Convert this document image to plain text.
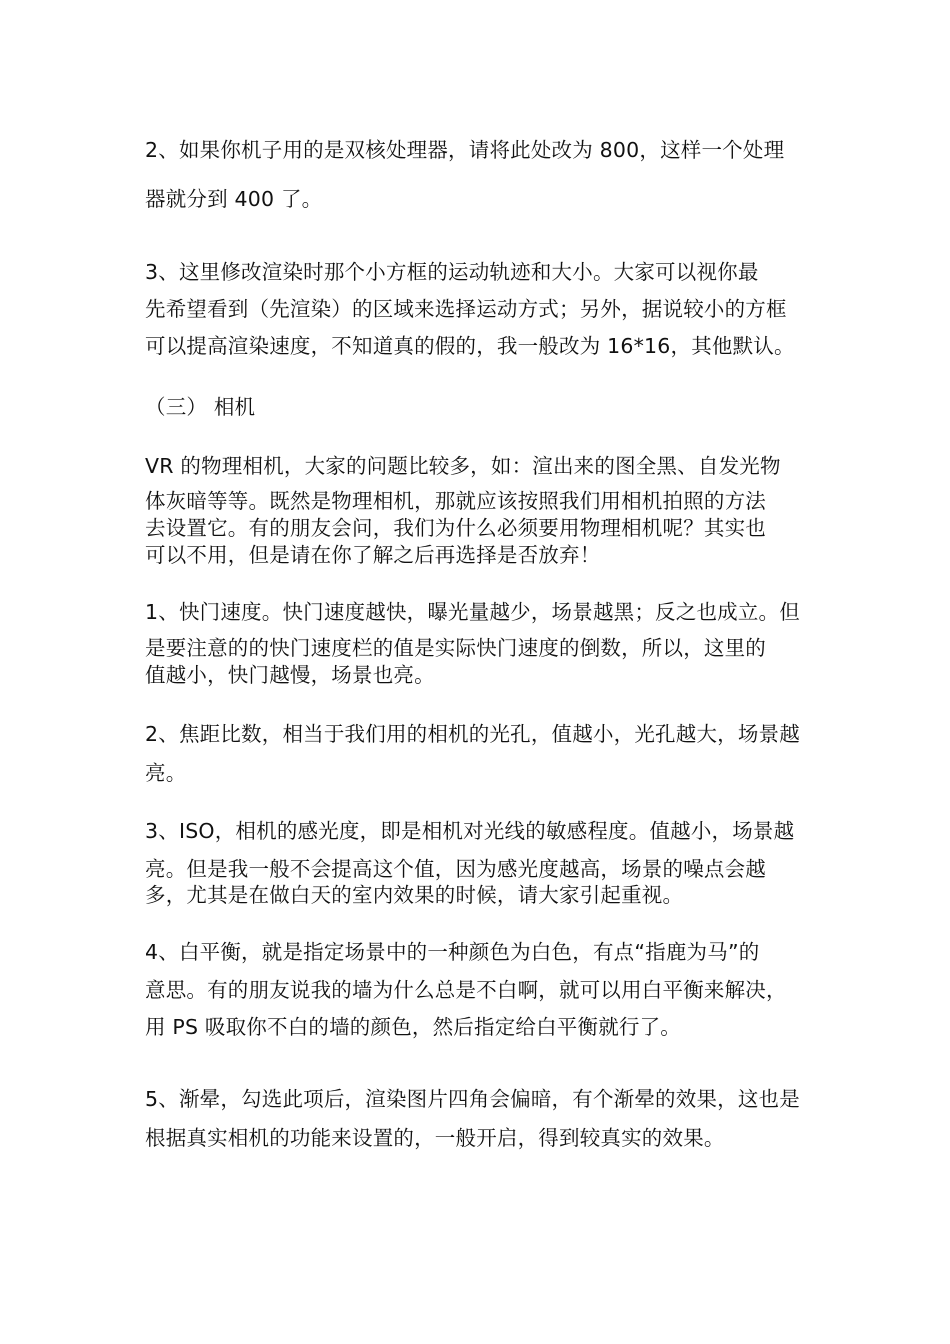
2、如果你机子用的是双核处理器，请将此处改为 800，这样一个处理
器就分到 400 了。
3、这里修改渲染时那个小方框的运动轨迹和大小。大家可以视你最
先希望看到（先渲染）的区域来选择运动方式；另外，据说较小的方框
可以提高渲染速度，不知道真的假的，我一般改为 16*16，其他默认。
（三） 相机
VR 的物理相机，大家的问题比较多，如：渲出来的图全黑、自发光物
体灰暗等等。既然是物理相机，那就应该按照我们用相机拍照的方法
去设置它。有的朋友会问，我们为什么必须要用物理相机呢？其实也
可以不用，但是请在你了解之后再选择是否放弃！
1、快门速度。快门速度越快，曝光量越少，场景越黑；反之也成立。但
是要注意的的快门速度栏的值是实际快门速度的倒数，所以，这里的
值越小，快门越慢，场景也亮。
2、焦距比数，相当于我们用的相机的光孔，值越小，光孔越大，场景越
亮。
3、ISO，相机的感光度，即是相机对光线的敏感程度。值越小，场景越
亮。但是我一般不会提高这个值，因为感光度越高，场景的噪点会越
多，尤其是在做白天的室内效果的时候，请大家引起重视。
4、白平衡，就是指定场景中的一种颜色为白色，有点“指鹿为马”的
意思。有的朋友说我的墙为什么总是不白啊，就可以用白平衡来解决，
用 PS 吸取你不白的墙的颜色，然后指定给白平衡就行了。
5、渐晕，勾选此项后，渲染图片四角会偏暗，有个渐晕的效果，这也是
根据真实相机的功能来设置的，一般开启，得到较真实的效果。
